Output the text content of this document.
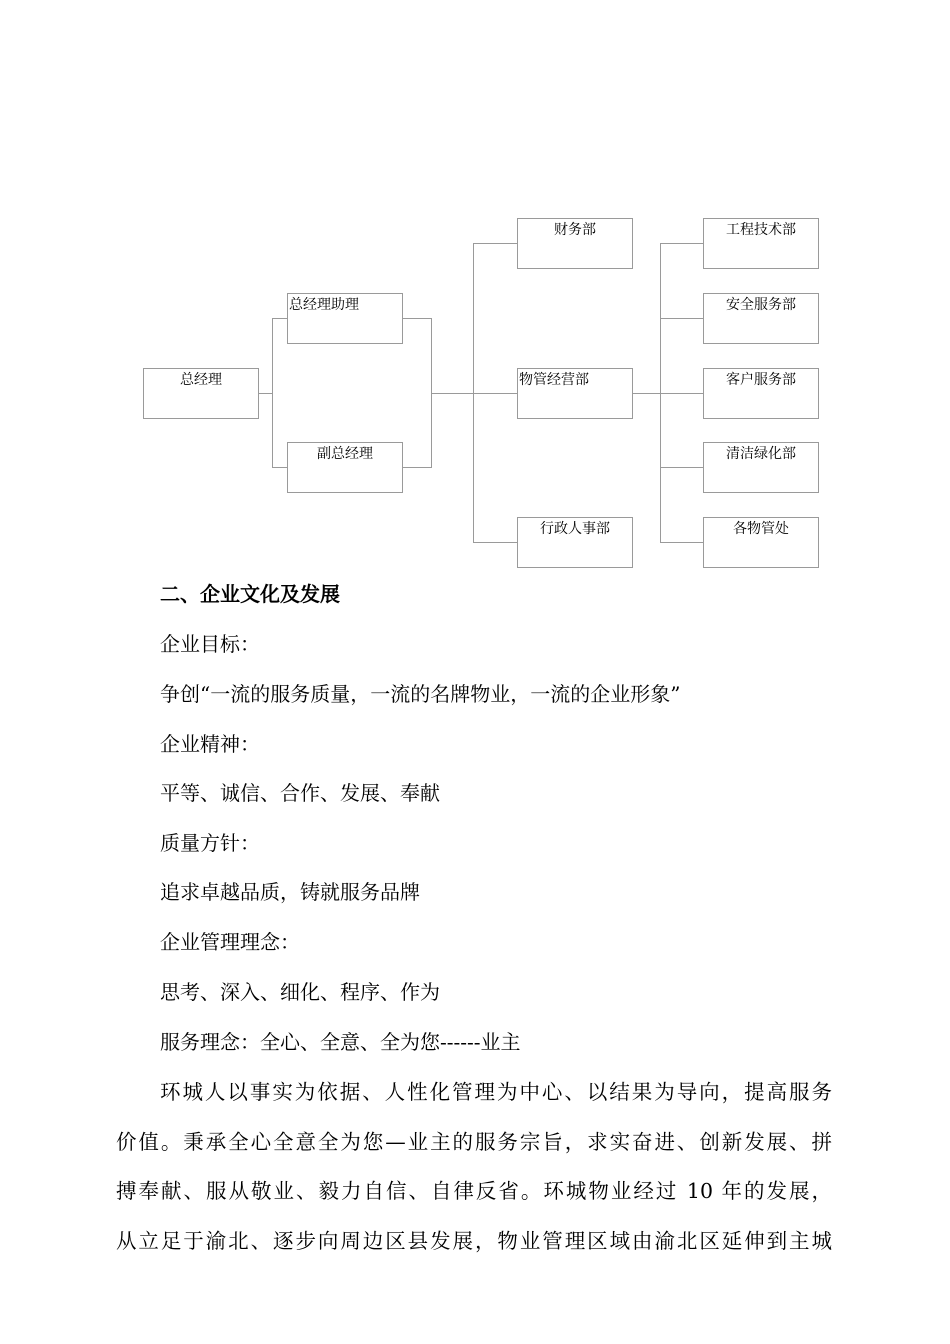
总经理
总经理助理
副总经理
财务部
物管经营部
行政人事部
工程技术部
安全服务部
客户服务部
清洁绿化部
各物管处
二、企业文化及发展
企业目标：
争创“一流的服务质量，一流的名牌物业，一流的企业形象”
企业精神：
平等、诚信、合作、发展、奉献
质量方针：
追求卓越品质，铸就服务品牌
企业管理理念：
思考、深入、细化、程序、作为
服务理念：全心、全意、全为您------业主
环城人以事实为依据、人性化管理为中心、以结果为导向，提高服务
价值。秉承全心全意全为您—业主的服务宗旨，求实奋进、创新发展、拼
搏奉献、服从敬业、毅力自信、自律反省。环城物业经过 10 年的发展，
从立足于渝北、逐步向周边区县发展，物业管理区域由渝北区延伸到主城
